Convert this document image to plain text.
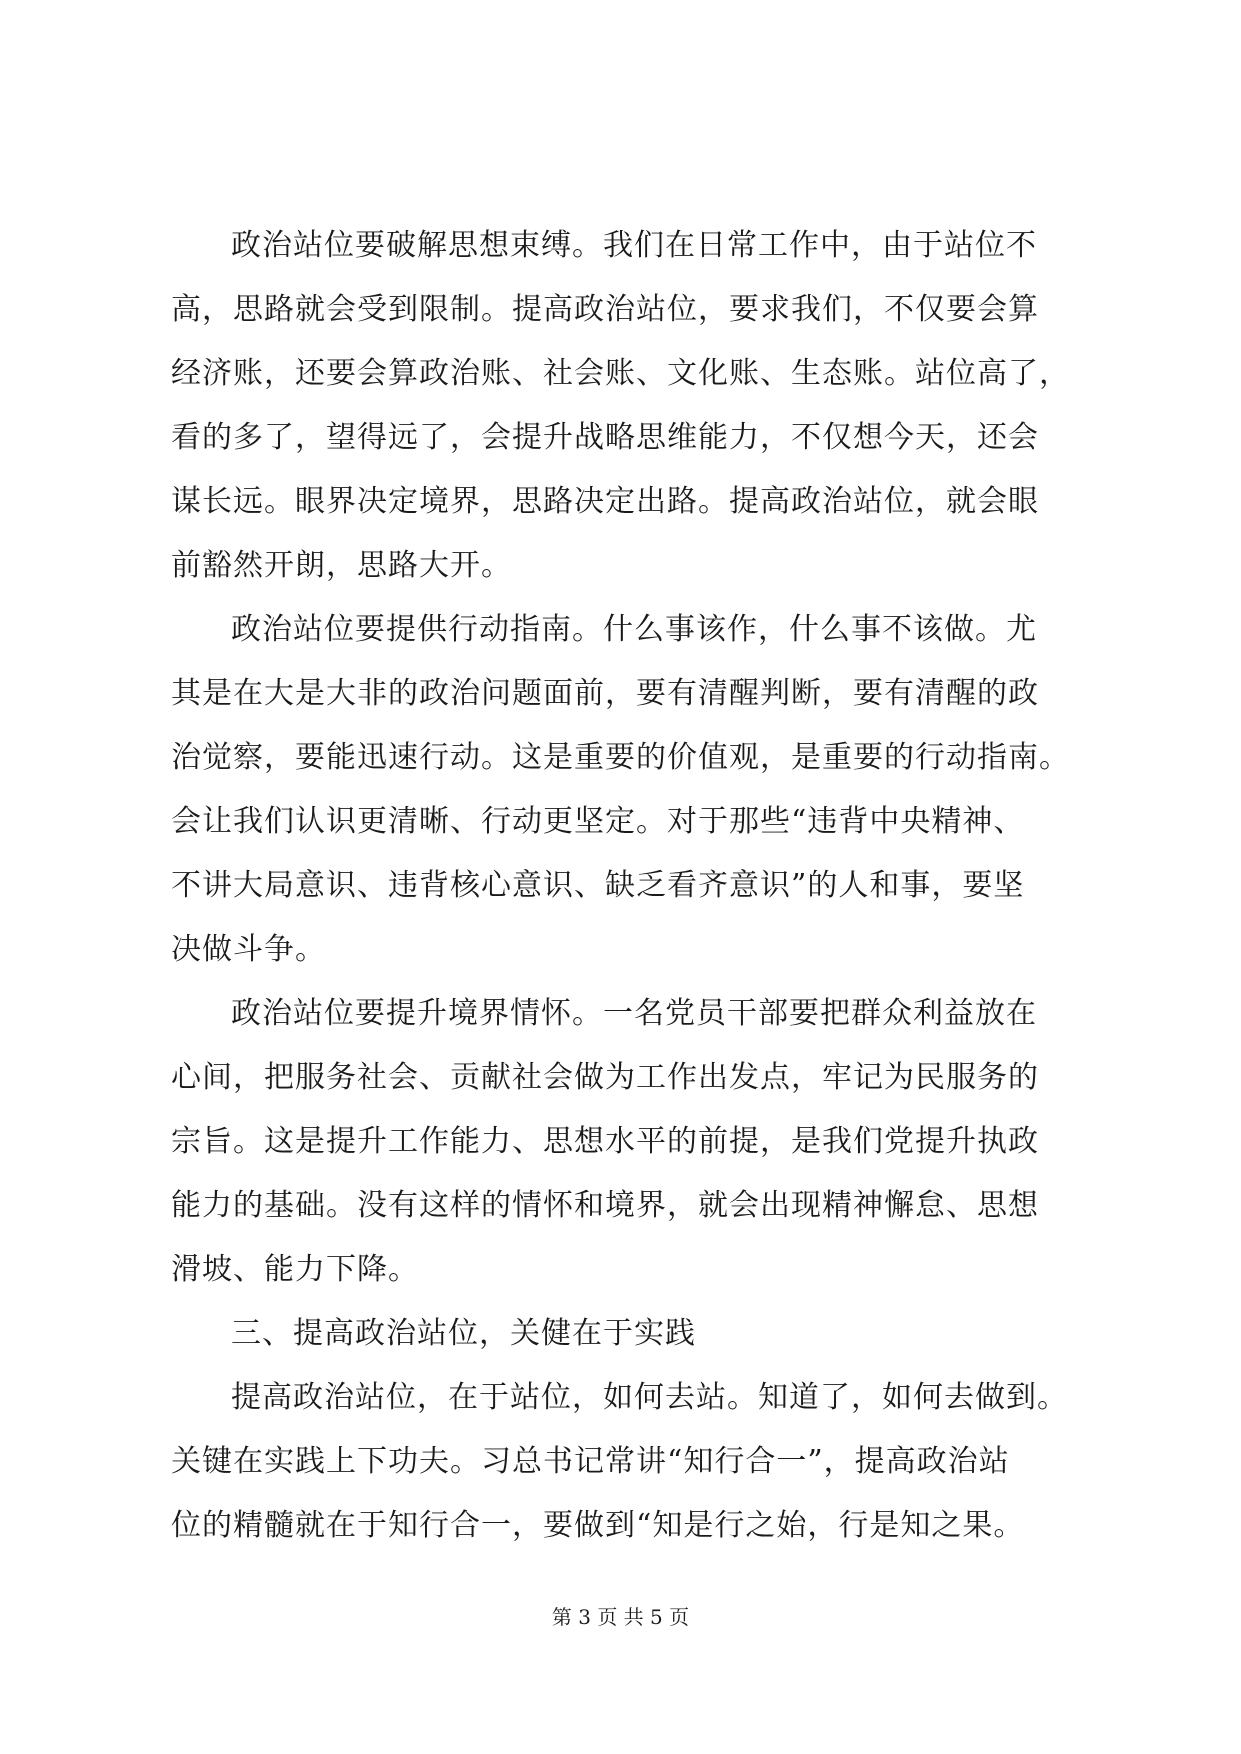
政治站位要破解思想束缚。我们在日常工作中，由于站位不
高，思路就会受到限制。提高政治站位，要求我们，不仅要会算
经济账，还要会算政治账、社会账、文化账、生态账。站位高了，
看的多了，望得远了，会提升战略思维能力，不仅想今天，还会
谋长远。眼界决定境界，思路决定出路。提高政治站位，就会眼
前豁然开朗，思路大开。
政治站位要提供行动指南。什么事该作，什么事不该做。尤
其是在大是大非的政治问题面前，要有清醒判断，要有清醒的政
治觉察，要能迅速行动。这是重要的价值观，是重要的行动指南。
会让我们认识更清晰、行动更坚定。对于那些“违背中央精神、
不讲大局意识、违背核心意识、缺乏看齐意识”的人和事，要坚
决做斗争。
政治站位要提升境界情怀。一名党员干部要把群众利益放在
心间，把服务社会、贡献社会做为工作出发点，牢记为民服务的
宗旨。这是提升工作能力、思想水平的前提，是我们党提升执政
能力的基础。没有这样的情怀和境界，就会出现精神懈怠、思想
滑坡、能力下降。
三、提高政治站位，关健在于实践
提高政治站位，在于站位，如何去站。知道了，如何去做到。
关键在实践上下功夫。习总书记常讲“知行合一”，提高政治站
位的精髓就在于知行合一，要做到“知是行之始，行是知之果。
第 3 页 共 5 页
